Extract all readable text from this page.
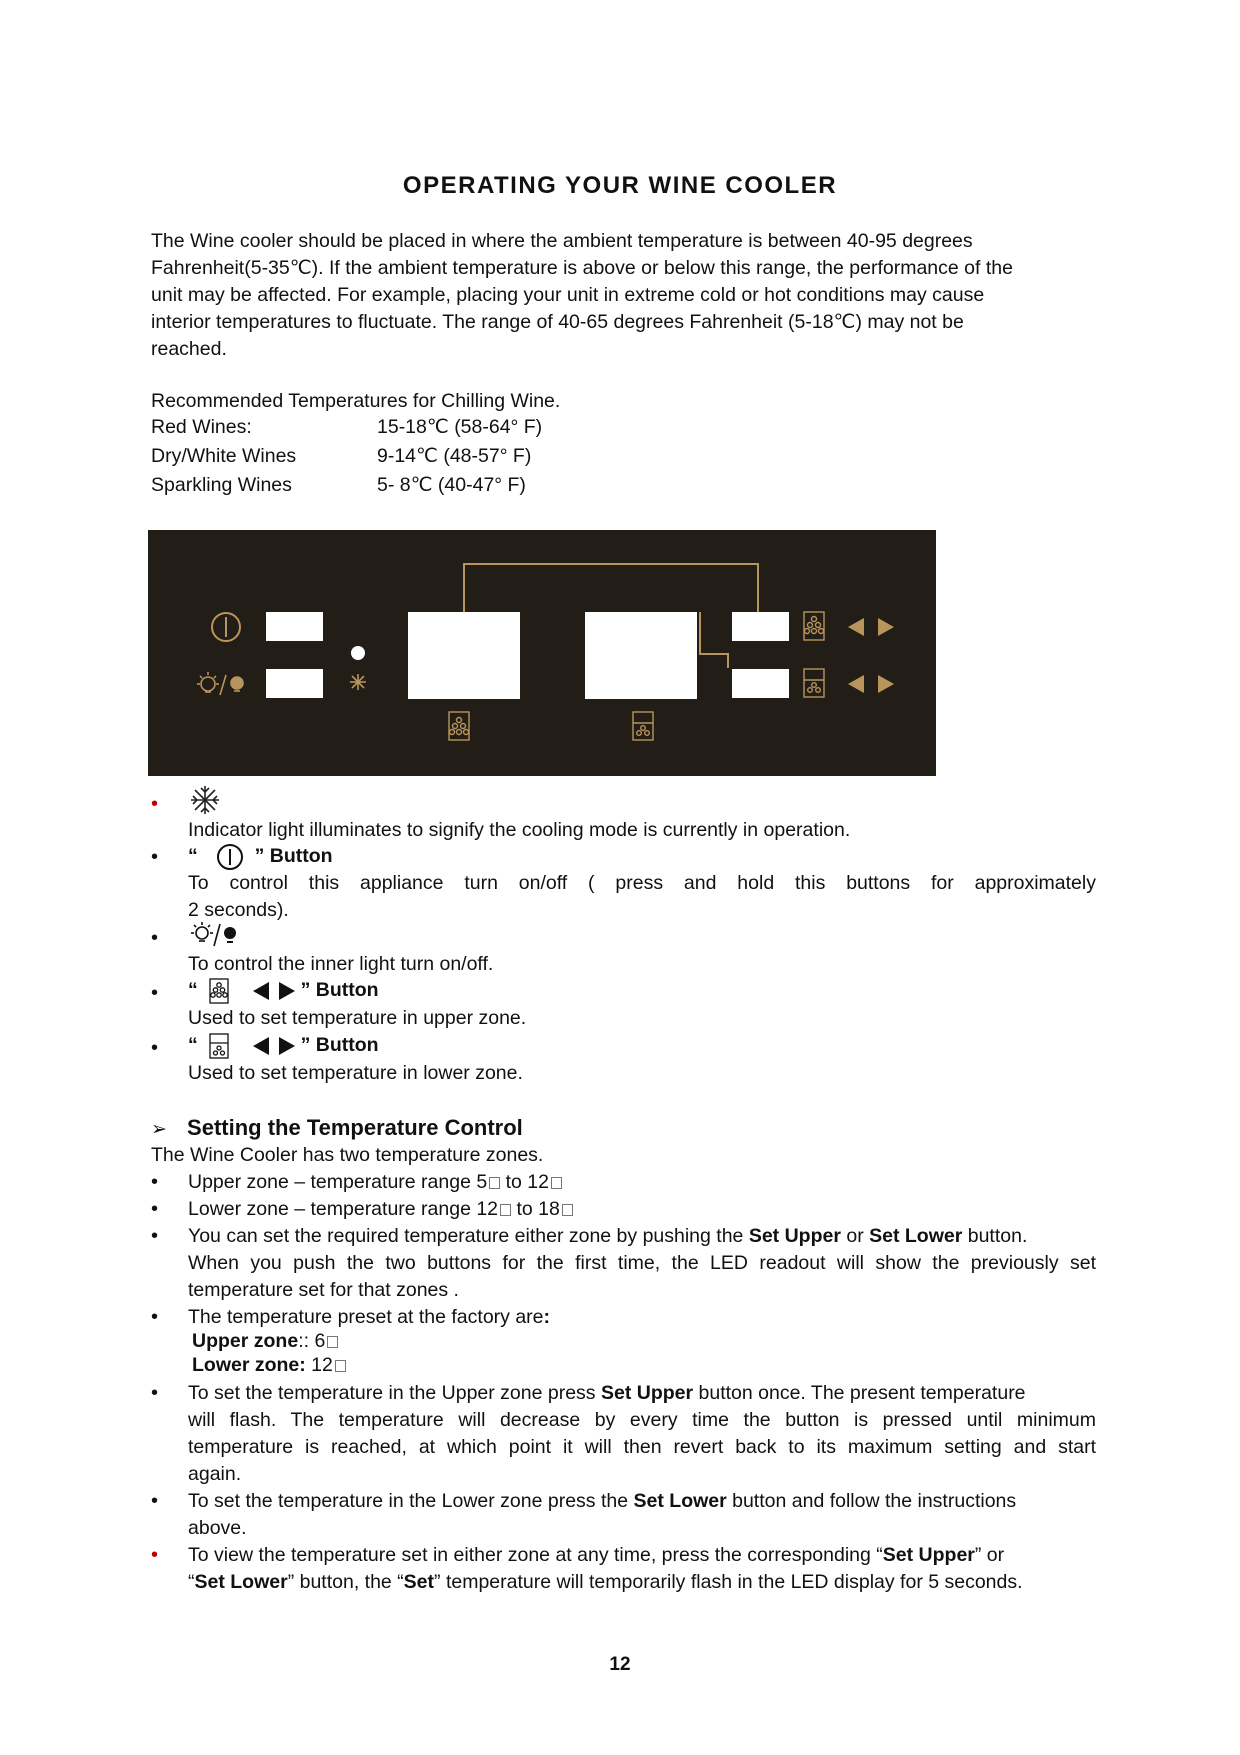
OPERATING YOUR WINE COOLER
The Wine cooler should be placed in where the ambient temperature is between 40-95 degrees
Fahrenheit(5-35℃). If the ambient temperature is above or below this range, the performance of the
unit may be affected. For example, placing your unit in extreme cold or hot conditions may cause
interior temperatures to fluctuate. The range of 40-65 degrees Fahrenheit (5-18℃) may not be
reached.
Recommended Temperatures for Chilling Wine.
Red Wines:	15-18℃ (58-64° F)
Dry/White Wines	9-14℃ (48-57° F)
Sparkling Wines	5- 8℃ (40-47° F)
•
Indicator light illuminates to signify the cooling mode is currently in operation.
• “	” Button
To control this appliance turn on/off ( press and hold this buttons for approximately
2 seconds).
•
To control the inner light turn on/off.
• “	” Button
Used to set temperature in upper zone.
• “	” Button
Used to set temperature in lower zone.
➢ Setting the Temperature Control
The Wine Cooler has two temperature zones.
• Upper zone – temperature range 5 to 12
• Lower zone – temperature range 12 to 18
• You can set the required temperature either zone by pushing the Set Upper or Set Lower button.
When you push the two buttons for the first time, the LED readout will show the previously set
temperature set for that zones .
• The temperature preset at the factory are:
Upper zone:: 6
Lower zone: 12
• To set the temperature in the Upper zone press Set Upper button once. The present temperature
will flash. The temperature will decrease by every time the button is pressed until minimum
temperature is reached, at which point it will then revert back to its maximum setting and start
again.
• To set the temperature in the Lower zone press the Set Lower button and follow the instructions
above.
• To view the temperature set in either zone at any time, press the corresponding “Set Upper” or
“Set Lower” button, the “Set” temperature will temporarily flash in the LED display for 5 seconds.
12
